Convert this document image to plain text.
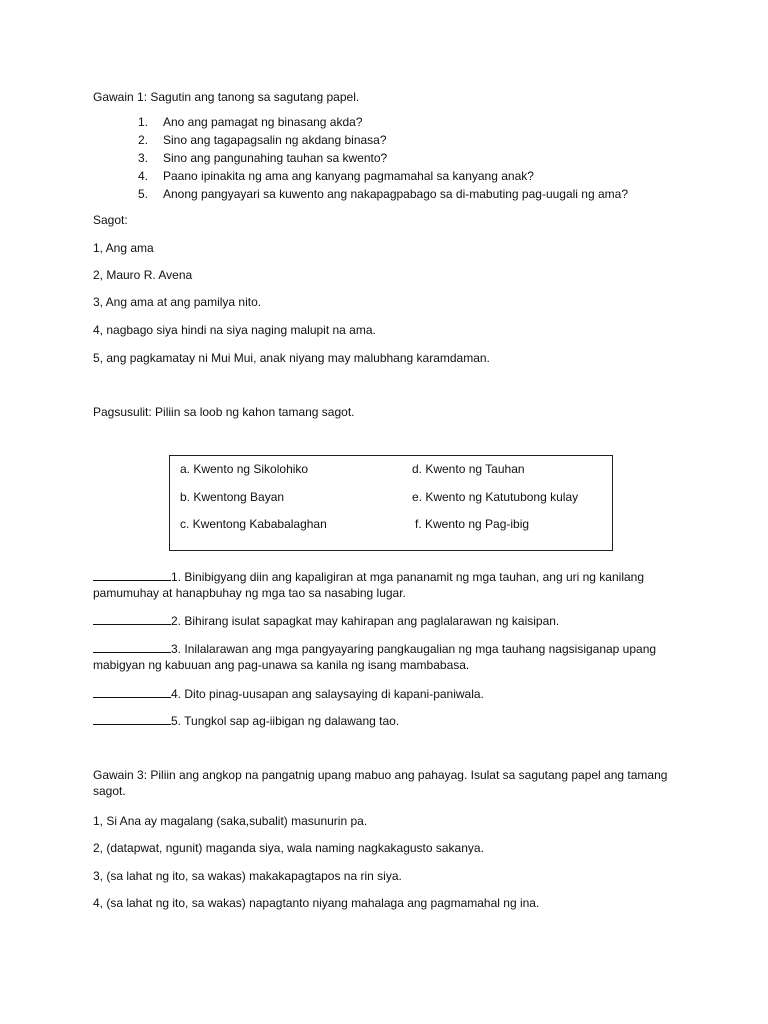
Gawain 1: Sagutin ang tanong sa sagutang papel.
1. Ano ang pamagat ng binasang akda?
2. Sino ang tagapagsalin ng akdang binasa?
3. Sino ang pangunahing tauhan sa kwento?
4. Paano ipinakita ng ama ang kanyang pagmamahal sa kanyang anak?
5. Anong pangyayari sa kuwento ang nakapagpabago sa di-mabuting pag-uugali ng ama?
Sagot:
1, Ang ama
2, Mauro R. Avena
3, Ang ama at ang pamilya nito.
4, nagbago siya hindi na siya naging malupit na ama.
5, ang pagkamatay ni Mui Mui, anak niyang may malubhang karamdaman.
Pagsusulit: Piliin sa loob ng kahon tamang sagot.
a. Kwento ng Sikolohiko
b. Kwentong Bayan
c. Kwentong Kababalaghan
d. Kwento ng Tauhan
e. Kwento ng Katutubong kulay
f. Kwento ng Pag-ibig
1. Binibigyang diin ang kapaligiran at mga pananamit ng mga tauhan, ang uri ng kanilang pamumuhay at hanapbuhay ng mga tao sa nasabing lugar.
2. Bihirang isulat sapagkat may kahirapan ang paglalarawan ng kaisipan.
3. Inilalarawan ang mga pangyayaring pangkaugalian ng mga tauhang nagsisiganap upang mabigyan ng kabuuan ang pag-unawa sa kanila ng isang mambabasa.
4. Dito pinag-uusapan ang salaysaying di kapani-paniwala.
5. Tungkol sap ag-iibigan ng dalawang tao.
Gawain 3: Piliin ang angkop na pangatnig upang mabuo ang pahayag. Isulat sa sagutang papel ang tamang sagot.
1, Si Ana ay magalang (saka,subalit) masunurin pa.
2, (datapwat, ngunit) maganda siya, wala naming nagkakagusto sakanya.
3, (sa lahat ng ito, sa wakas) makakapagtapos na rin siya.
4, (sa lahat ng ito, sa wakas) napagtanto niyang mahalaga ang pagmamahal ng ina.
